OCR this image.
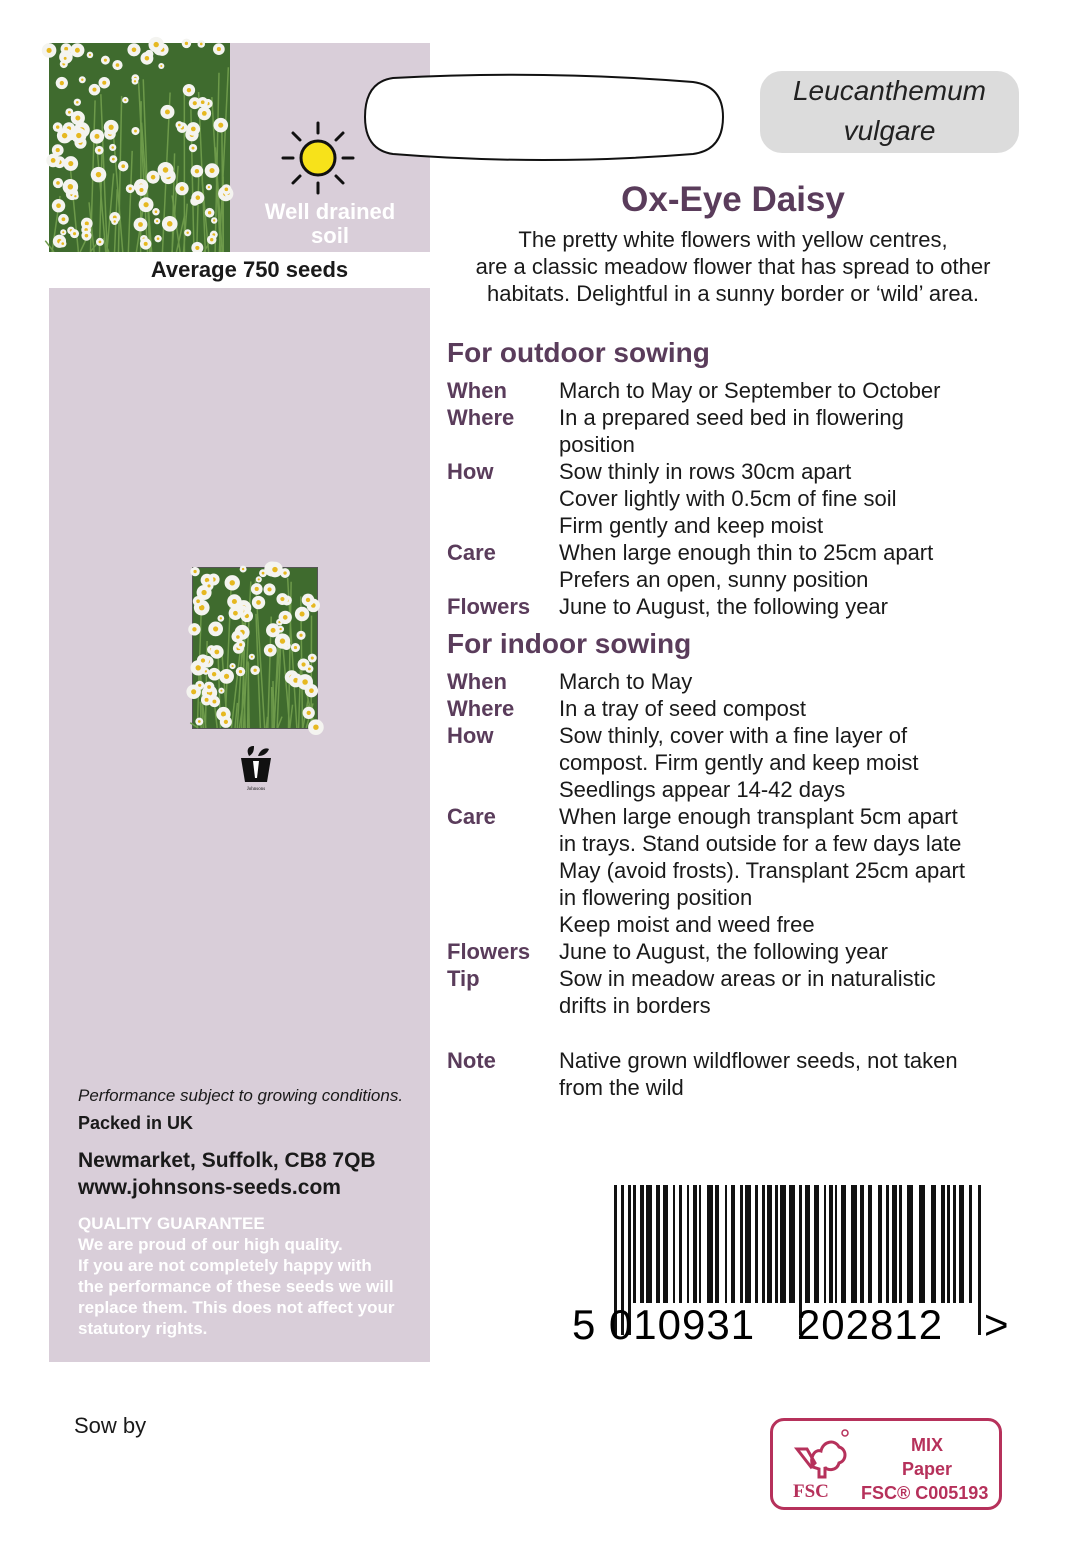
Well drained
soil
Average 750 seeds
Johnsons
Performance subject to growing conditions.
Packed in UK
Newmarket, Suffolk, CB8 7QB
www.johnsons-seeds.com
QUALITY GUARANTEE
We are proud of our high quality.
If you are not completely happy with
the performance of these seeds we will
replace them. This does not affect your
statutory rights.
Leucanthemum
vulgare
Ox-Eye Daisy
The pretty white flowers with yellow centres,
are a classic meadow flower that has spread to other
habitats. Delightful in a sunny border or ‘wild’ area.
For outdoor sowing
When	March to May or September to October
Where	In a prepared seed bed in flowering
position
How	Sow thinly in rows 30cm apart
Cover lightly with 0.5cm of fine soil
Firm gently and keep moist
Care	When large enough thin to 25cm apart
Prefers an open, sunny position
Flowers	June to August, the following year
For indoor sowing
When	March to May
Where	In a tray of seed compost
How	Sow thinly, cover with a fine layer of
compost. Firm gently and keep moist
Seedlings appear 14-42 days
Care	When large enough transplant 5cm apart
in trays. Stand outside for a few days late
May (avoid frosts). Transplant 25cm apart
in flowering position
Keep moist and weed free
Flowers	June to August, the following year
Tip	Sow in meadow areas or in naturalistic
drifts in borders
Note	Native grown wildflower seeds, not taken
from the wild
5 010931 202812 >
Sow by
FSC
MIX
Paper
FSC® C005193
